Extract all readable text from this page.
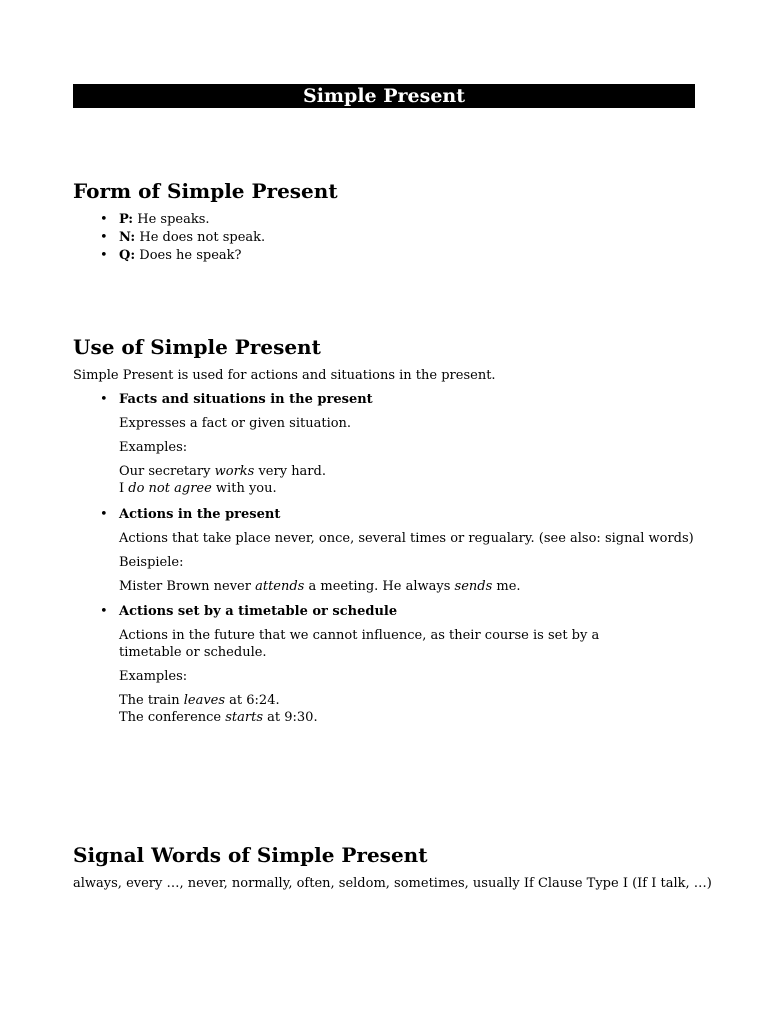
Simple Present
Form of Simple Present
• P: He speaks.
• N: He does not speak.
• Q: Does he speak?
Use of Simple Present

Simple Present is used for actions and situations in the present.

• Facts and situations in the present
Expresses a fact or given situation.
Examples:
Our secretary works very hard.
I do not agree with you.
• Actions in the present
Actions that take place never, once, several times or regualary. (see also: signal words)
Beispiele:
Mister Brown never attends a meeting. He always sends me.
• Actions set by a timetable or schedule
Actions in the future that we cannot influence, as their course is set by a timetable or schedule.
Examples:
The train leaves at 6:24.
The conference starts at 9:30.
Signal Words of Simple Present

always, every …, never, normally, often, seldom, sometimes, usually If Clause Type I (If I talk, …)
